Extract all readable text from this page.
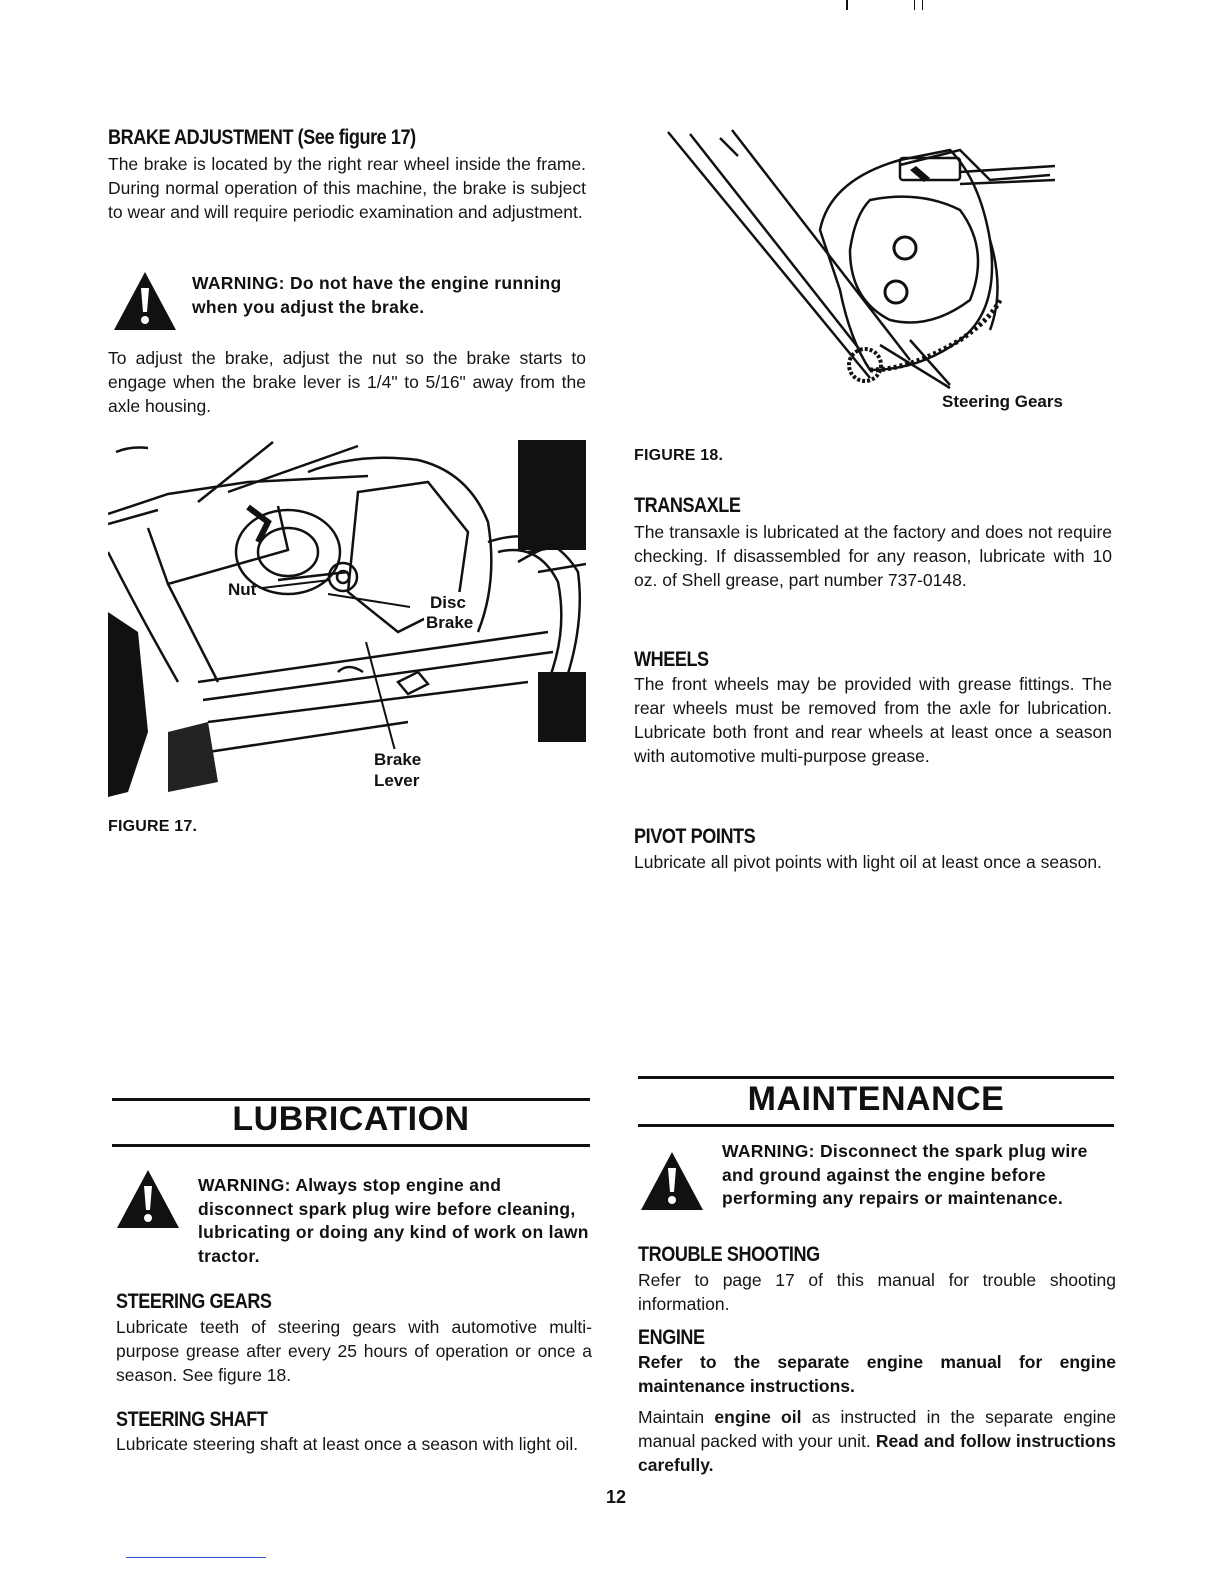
BRAKE ADJUSTMENT (See figure 17)

The brake is located by the right rear wheel inside the frame. During normal operation of this machine, the brake is subject to wear and will require periodic examination and adjustment.

WARNING: Do not have the engine running when you adjust the brake.

To adjust the brake, adjust the nut so the brake starts to engage when the brake lever is 1/4" to 5/16" away from the axle housing.

Nut
Disc
Brake
Brake
Lever
FIGURE 17.
LUBRICATION

WARNING: Always stop engine and disconnect spark plug wire before cleaning, lubricating or doing any kind of work on lawn tractor.

STEERING GEARS

Lubricate teeth of steering gears with automotive multi-purpose grease after every 25 hours of operation or once a season. See figure 18.

STEERING SHAFT

Lubricate steering shaft at least once a season with light oil.

Steering Gears
FIGURE 18.
TRANSAXLE

The transaxle is lubricated at the factory and does not require checking. If disassembled for any reason, lubricate with 10 oz. of Shell grease, part number 737-0148.

WHEELS

The front wheels may be provided with grease fittings. The rear wheels must be removed from the axle for lubrication. Lubricate both front and rear wheels at least once a season with automotive multi-purpose grease.

PIVOT POINTS

Lubricate all pivot points with light oil at least once a season.

MAINTENANCE

WARNING: Disconnect the spark plug wire and ground against the engine before performing any repairs or maintenance.

TROUBLE SHOOTING

Refer to page 17 of this manual for trouble shooting information.

ENGINE

Refer to the separate engine manual for engine maintenance instructions.

Maintain engine oil as instructed in the separate engine manual packed with your unit. Read and follow instructions carefully.

12
